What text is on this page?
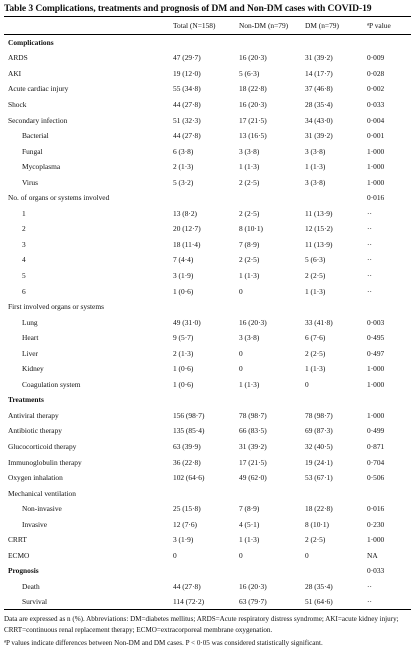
Table 3 Complications, treatments and prognosis of DM and Non-DM cases with COVID-19
	Total (N=158)	Non-DM (n=79)	DM (n=79)	ªP value
Complications				
ARDS	47 (29·7)	16 (20·3)	31 (39·2)	0·009
AKI	19 (12·0)	5 (6·3)	14 (17·7)	0·028
Acute cardiac injury	55 (34·8)	18 (22·8)	37 (46·8)	0·002
Shock	44 (27·8)	16 (20·3)	28 (35·4)	0·033
Secondary infection	51 (32·3)	17 (21·5)	34 (43·0)	0·004
Bacterial	44 (27·8)	13 (16·5)	31 (39·2)	0·001
Fungal	6 (3·8)	3 (3·8)	3 (3·8)	1·000
Mycoplasma	2 (1·3)	1 (1·3)	1 (1·3)	1·000
Virus	5 (3·2)	2 (2·5)	3 (3·8)	1·000
No. of organs or systems involved				0·016
1	13 (8·2)	2 (2·5)	11 (13·9)	··
2	20 (12·7)	8 (10·1)	12 (15·2)	··
3	18 (11·4)	7 (8·9)	11 (13·9)	··
4	7 (4·4)	2 (2·5)	5 (6·3)	··
5	3 (1·9)	1 (1·3)	2 (2·5)	··
6	1 (0·6)	0	1 (1·3)	··
First involved organs or systems				
Lung	49 (31·0)	16 (20·3)	33 (41·8)	0·003
Heart	9 (5·7)	3 (3·8)	6 (7·6)	0·495
Liver	2 (1·3)	0	2 (2·5)	0·497
Kidney	1 (0·6)	0	1 (1·3)	1·000
Coagulation system	1 (0·6)	1 (1·3)	0	1·000
Treatments				
Antiviral therapy	156 (98·7)	78 (98·7)	78 (98·7)	1·000
Antibiotic therapy	135 (85·4)	66 (83·5)	69 (87·3)	0·499
Glucocorticoid therapy	63 (39·9)	31 (39·2)	32 (40·5)	0·871
Immunoglobulin therapy	36 (22·8)	17 (21·5)	19 (24·1)	0·704
Oxygen inhalation	102 (64·6)	49 (62·0)	53 (67·1)	0·506
Mechanical ventilation				
Non-invasive	25 (15·8)	7 (8·9)	18 (22·8)	0·016
Invasive	12 (7·6)	4 (5·1)	8 (10·1)	0·230
CRRT	3 (1·9)	1 (1·3)	2 (2·5)	1·000
ECMO	0	0	0	NA
Prognosis				0·033
Death	44 (27·8)	16 (20·3)	28 (35·4)	··
Survival	114 (72·2)	63 (79·7)	51 (64·6)	··

Data are expressed as n (%). Abbreviations: DM=diabetes mellitus; ARDS=Acute respiratory distress syndrome; AKI=acute kidney injury; CRRT=continuous renal replacement therapy; ECMO=extracorporeal membrane oxygenation.

ªP values indicate differences between Non-DM and DM cases. P < 0·05 was considered statistically significant.
